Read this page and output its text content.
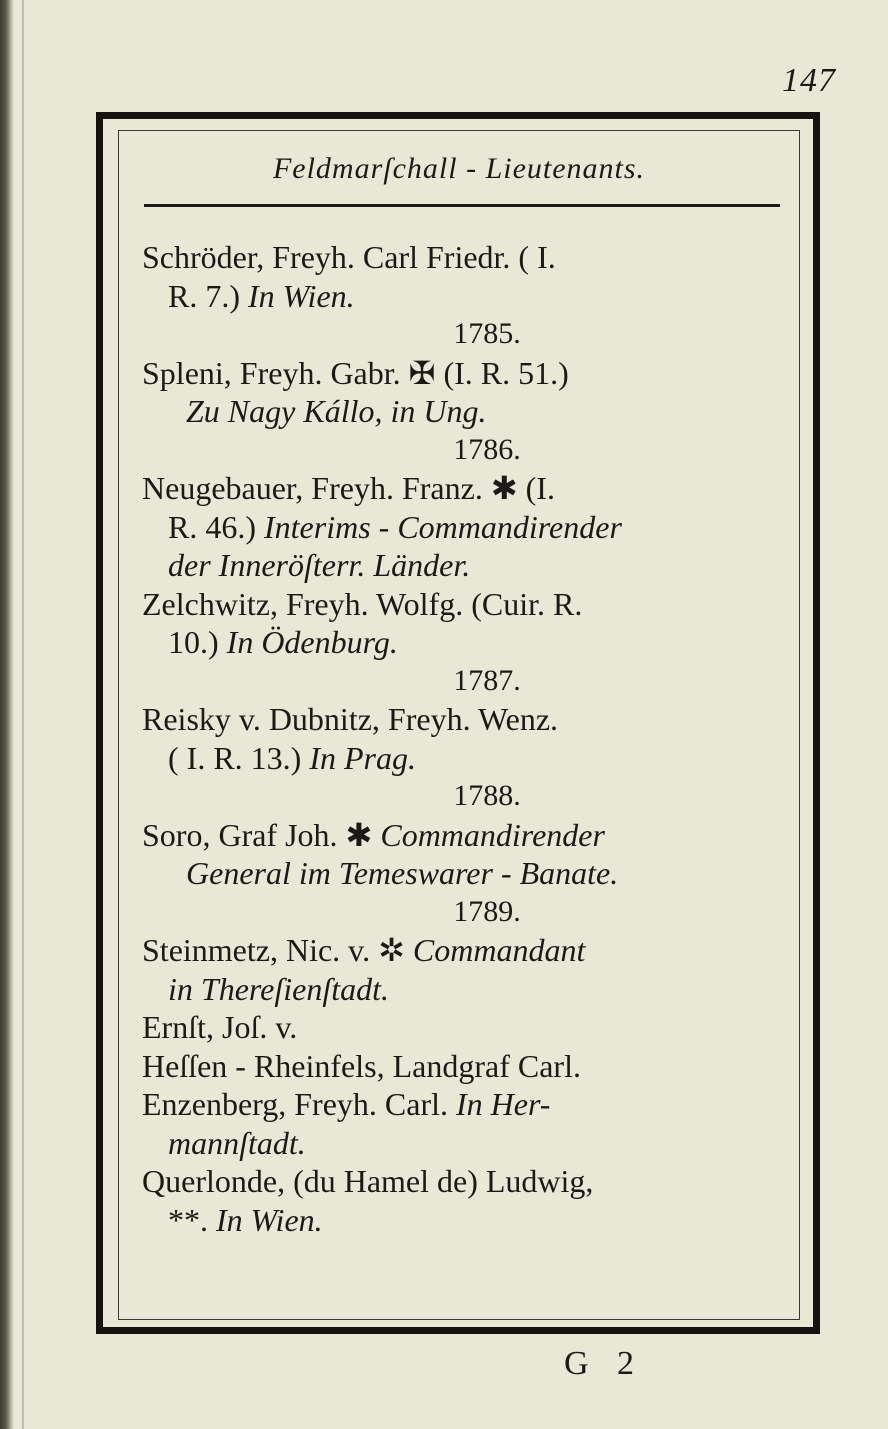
147
Feldmarſchall - Lieutenants.
Schröder, Freyh. Carl Friedr. ( I.
R. 7.) In Wien.
1785.
Spleni, Freyh. Gabr. ✠ (I. R. 51.)
Zu Nagy Kállo, in Ung.
1786.
Neugebauer, Freyh. Franz. ✱ (I.
R. 46.) Interims - Commandirender
der Inneröſterr. Länder.
Zelchwitz, Freyh. Wolfg. (Cuir. R.
10.) In Ödenburg.
1787.
Reisky v. Dubnitz, Freyh. Wenz.
( I. R. 13.) In Prag.
1788.
Soro, Graf Joh. ✱ Commandirender
General im Temeswarer - Banate.
1789.
Steinmetz, Nic. v. ✲ Commandant
in Thereſienſtadt.
Ernſt, Joſ. v.
Heſſen - Rheinfels, Landgraf Carl.
Enzenberg, Freyh. Carl. In Her-
mannſtadt.
Querlonde, (du Hamel de) Ludwig,
**. In Wien.
G 2
